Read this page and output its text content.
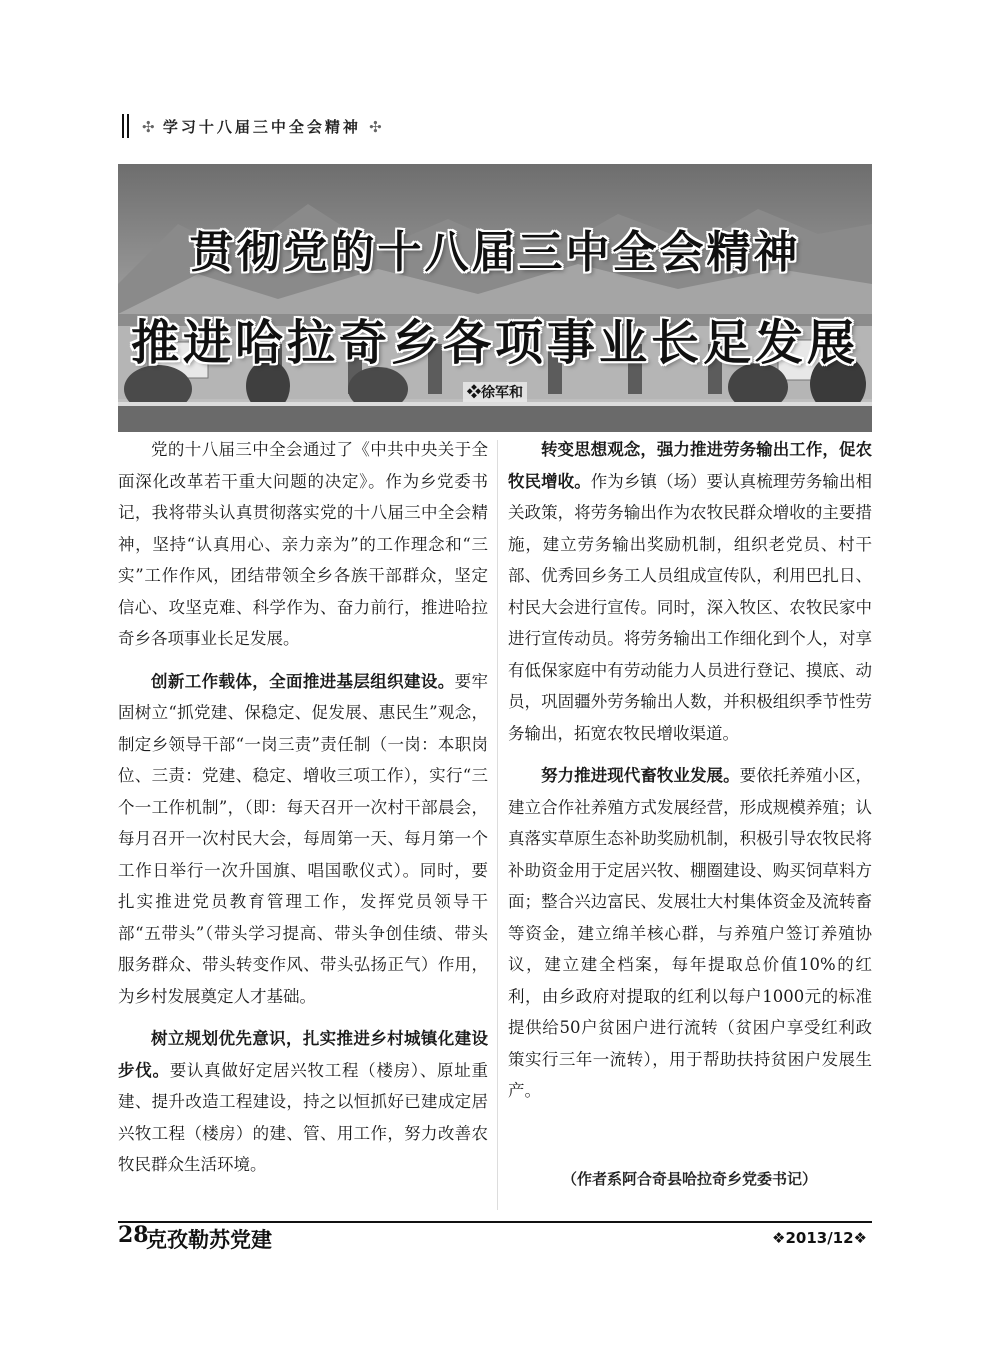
✣ 学习十八届三中全会精神 ✣
贯彻党的十八届三中全会精神
推进哈拉奇乡各项事业长足发展
❖徐军和

党的十八届三中全会通过了《中共中央关于全面深化改革若干重大问题的决定》。作为乡党委书记，我将带头认真贯彻落实党的十八届三中全会精神，坚持“认真用心、亲力亲为”的工作理念和“三实”工作作风，团结带领全乡各族干部群众，坚定信心、攻坚克难、科学作为、奋力前行，推进哈拉奇乡各项事业长足发展。

创新工作载体，全面推进基层组织建设。要牢固树立“抓党建、保稳定、促发展、惠民生”观念，制定乡领导干部“一岗三责”责任制（一岗：本职岗位、三责：党建、稳定、增收三项工作），实行“三个一工作机制”，（即：每天召开一次村干部晨会，每月召开一次村民大会，每周第一天、每月第一个工作日举行一次升国旗、唱国歌仪式）。同时，要扎实推进党员教育管理工作，发挥党员领导干部“五带头”（带头学习提高、带头争创佳绩、带头服务群众、带头转变作风、带头弘扬正气）作用，为乡村发展奠定人才基础。

树立规划优先意识，扎实推进乡村城镇化建设步伐。要认真做好定居兴牧工程（楼房）、原址重建、提升改造工程建设，持之以恒抓好已建成定居兴牧工程（楼房）的建、管、用工作，努力改善农牧民群众生活环境。

转变思想观念，强力推进劳务输出工作，促农牧民增收。作为乡镇（场）要认真梳理劳务输出相关政策，将劳务输出作为农牧民群众增收的主要措施，建立劳务输出奖励机制，组织老党员、村干部、优秀回乡务工人员组成宣传队，利用巴扎日、村民大会进行宣传。同时，深入牧区、农牧民家中进行宣传动员。将劳务输出工作细化到个人，对享有低保家庭中有劳动能力人员进行登记、摸底、动员，巩固疆外劳务输出人数，并积极组织季节性劳务输出，拓宽农牧民增收渠道。

努力推进现代畜牧业发展。要依托养殖小区，建立合作社养殖方式发展经营，形成规模养殖；认真落实草原生态补助奖励机制，积极引导农牧民将补助资金用于定居兴牧、棚圈建设、购买饲草料方面；整合兴边富民、发展壮大村集体资金及流转畜等资金，建立绵羊核心群，与养殖户签订养殖协议，建立建全档案，每年提取总价值10%的红利，由乡政府对提取的红利以每户1000元的标准提供给50户贫困户进行流转（贫困户享受红利政策实行三年一流转），用于帮助扶持贫困户发展生产。

（作者系阿合奇县哈拉奇乡党委书记）
28
克孜勒苏党建	❖2013/12❖
